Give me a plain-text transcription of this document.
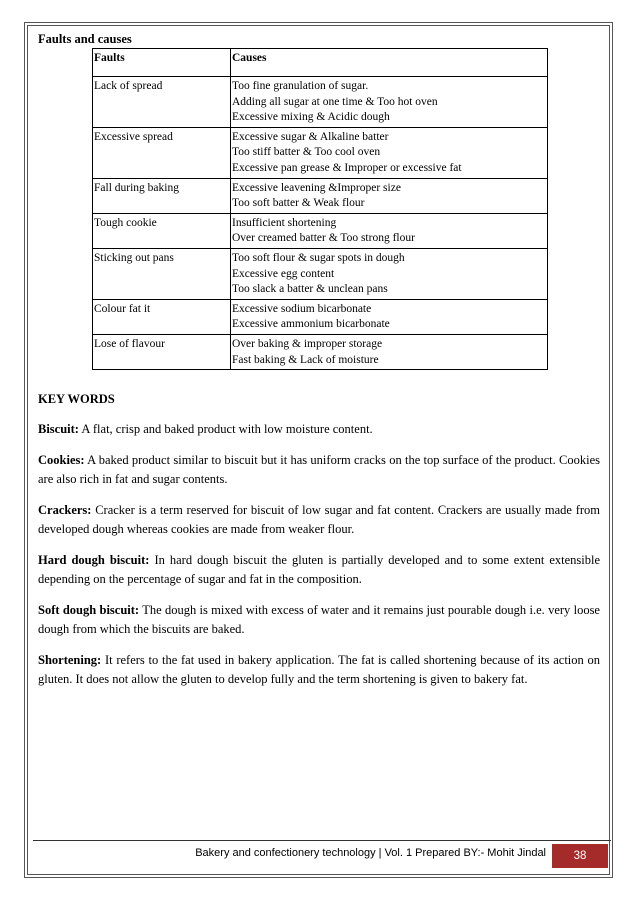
Faults and causes
Faults	Causes
Lack of spread	Too fine granulation of sugar.
Adding all sugar at one time & Too hot oven
Excessive mixing & Acidic dough

Excessive spread	Excessive sugar & Alkaline batter
Too stiff batter & Too cool oven
Excessive pan grease & Improper or excessive fat

Fall during baking	Excessive leavening &Improper size
Too soft batter & Weak flour

Tough cookie	Insufficient shortening
Over creamed batter & Too strong flour

Sticking out pans	Too soft flour & sugar spots in dough
Excessive egg content
Too slack a batter & unclean pans

Colour fat it	Excessive sodium bicarbonate
Excessive ammonium bicarbonate

Lose of flavour	Over baking & improper storage
Fast baking & Lack of moisture
KEY WORDS

Biscuit: A flat, crisp and baked product with low moisture content.

Cookies: A baked product similar to biscuit but it has uniform cracks on the top surface of the product. Cookies are also rich in fat and sugar contents.

Crackers: Cracker is a term reserved for biscuit of low sugar and fat content. Crackers are usually made from developed dough whereas cookies are made from weaker flour.

Hard dough biscuit: In hard dough biscuit the gluten is partially developed and to some extent extensible depending on the percentage of sugar and fat in the composition.

Soft dough biscuit: The dough is mixed with excess of water and it remains just pourable dough i.e. very loose dough from which the biscuits are baked.

Shortening: It refers to the fat used in bakery application. The fat is called shortening because of its action on gluten. It does not allow the gluten to develop fully and the term shortening is given to bakery fat.

Bakery and confectionery technology | Vol. 1 Prepared BY:- Mohit Jindal	38
